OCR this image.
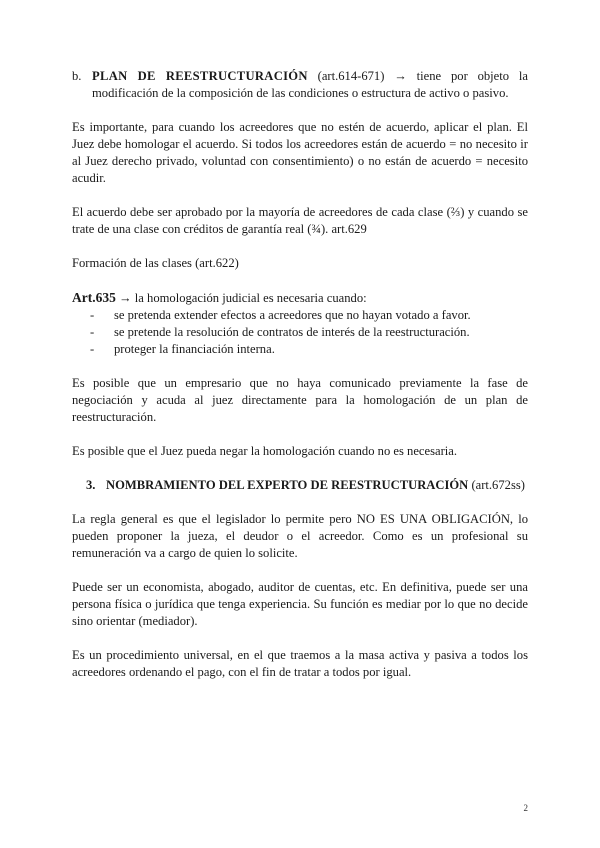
b. PLAN DE REESTRUCTURACIÓN (art.614-671) → tiene por objeto la modificación de la composición de las condiciones o estructura de activo o pasivo.

Es importante, para cuando los acreedores que no estén de acuerdo, aplicar el plan. El Juez debe homologar el acuerdo. Si todos los acreedores están de acuerdo = no necesito ir al Juez derecho privado, voluntad con consentimiento) o no están de acuerdo = necesito acudir.

El acuerdo debe ser aprobado por la mayoría de acreedores de cada clase (⅔) y cuando se trate de una clase con créditos de garantía real (¾). art.629

Formación de las clases (art.622)

Art.635 → la homologación judicial es necesaria cuando:
-	se pretenda extender efectos a acreedores que no hayan votado a favor.
-	se pretende la resolución de contratos de interés de la reestructuración.
-	proteger la financiación interna.

Es posible que un empresario que no haya comunicado previamente la fase de negociación y acuda al juez directamente para la homologación de un plan de reestructuración.

Es posible que el Juez pueda negar la homologación cuando no es necesaria.

3. NOMBRAMIENTO DEL EXPERTO DE REESTRUCTURACIÓN (art.672ss)

La regla general es que el legislador lo permite pero NO ES UNA OBLIGACIÓN, lo pueden proponer la jueza, el deudor o el acreedor. Como es un profesional su remuneración va a cargo de quien lo solicite.

Puede ser un economista, abogado, auditor de cuentas, etc. En definitiva, puede ser una persona física o jurídica que tenga experiencia. Su función es mediar por lo que no decide sino orientar (mediador).

Es un procedimiento universal, en el que traemos a la masa activa y pasiva a todos los acreedores ordenando el pago, con el fin de tratar a todos por igual.

2
